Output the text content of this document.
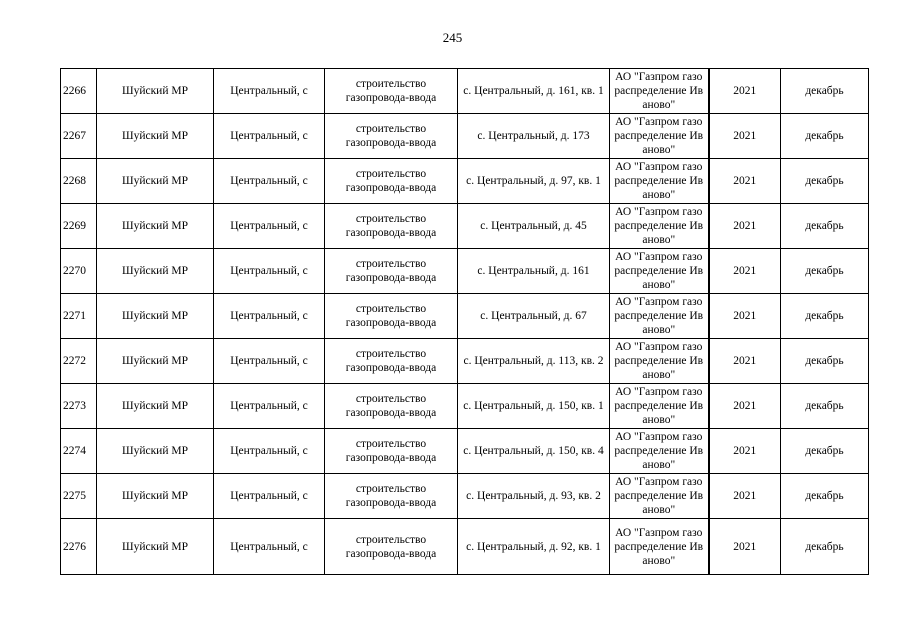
245
2266	Шуйский МР	Центральный, с	строительство газопровода-ввода	с. Центральный, д. 161, кв. 1	АО "Газпром газораспределение Иваново"	2021	декабрь
2267	Шуйский МР	Центральный, с	строительство газопровода-ввода	с. Центральный, д. 173	АО "Газпром газораспределение Иваново"	2021	декабрь
2268	Шуйский МР	Центральный, с	строительство газопровода-ввода	с. Центральный, д. 97, кв. 1	АО "Газпром газораспределение Иваново"	2021	декабрь
2269	Шуйский МР	Центральный, с	строительство газопровода-ввода	с. Центральный, д. 45	АО "Газпром газораспределение Иваново"	2021	декабрь
2270	Шуйский МР	Центральный, с	строительство газопровода-ввода	с. Центральный, д. 161	АО "Газпром газораспределение Иваново"	2021	декабрь
2271	Шуйский МР	Центральный, с	строительство газопровода-ввода	с. Центральный, д. 67	АО "Газпром газораспределение Иваново"	2021	декабрь
2272	Шуйский МР	Центральный, с	строительство газопровода-ввода	с. Центральный, д. 113, кв. 2	АО "Газпром газораспределение Иваново"	2021	декабрь
2273	Шуйский МР	Центральный, с	строительство газопровода-ввода	с. Центральный, д. 150, кв. 1	АО "Газпром газораспределение Иваново"	2021	декабрь
2274	Шуйский МР	Центральный, с	строительство газопровода-ввода	с. Центральный, д. 150, кв. 4	АО "Газпром газораспределение Иваново"	2021	декабрь
2275	Шуйский МР	Центральный, с	строительство газопровода-ввода	с. Центральный, д. 93, кв. 2	АО "Газпром газораспределение Иваново"	2021	декабрь
2276	Шуйский МР	Центральный, с	строительство газопровода-ввода	с. Центральный, д. 92, кв. 1	АО "Газпром газораспределение Иваново"	2021	декабрь
